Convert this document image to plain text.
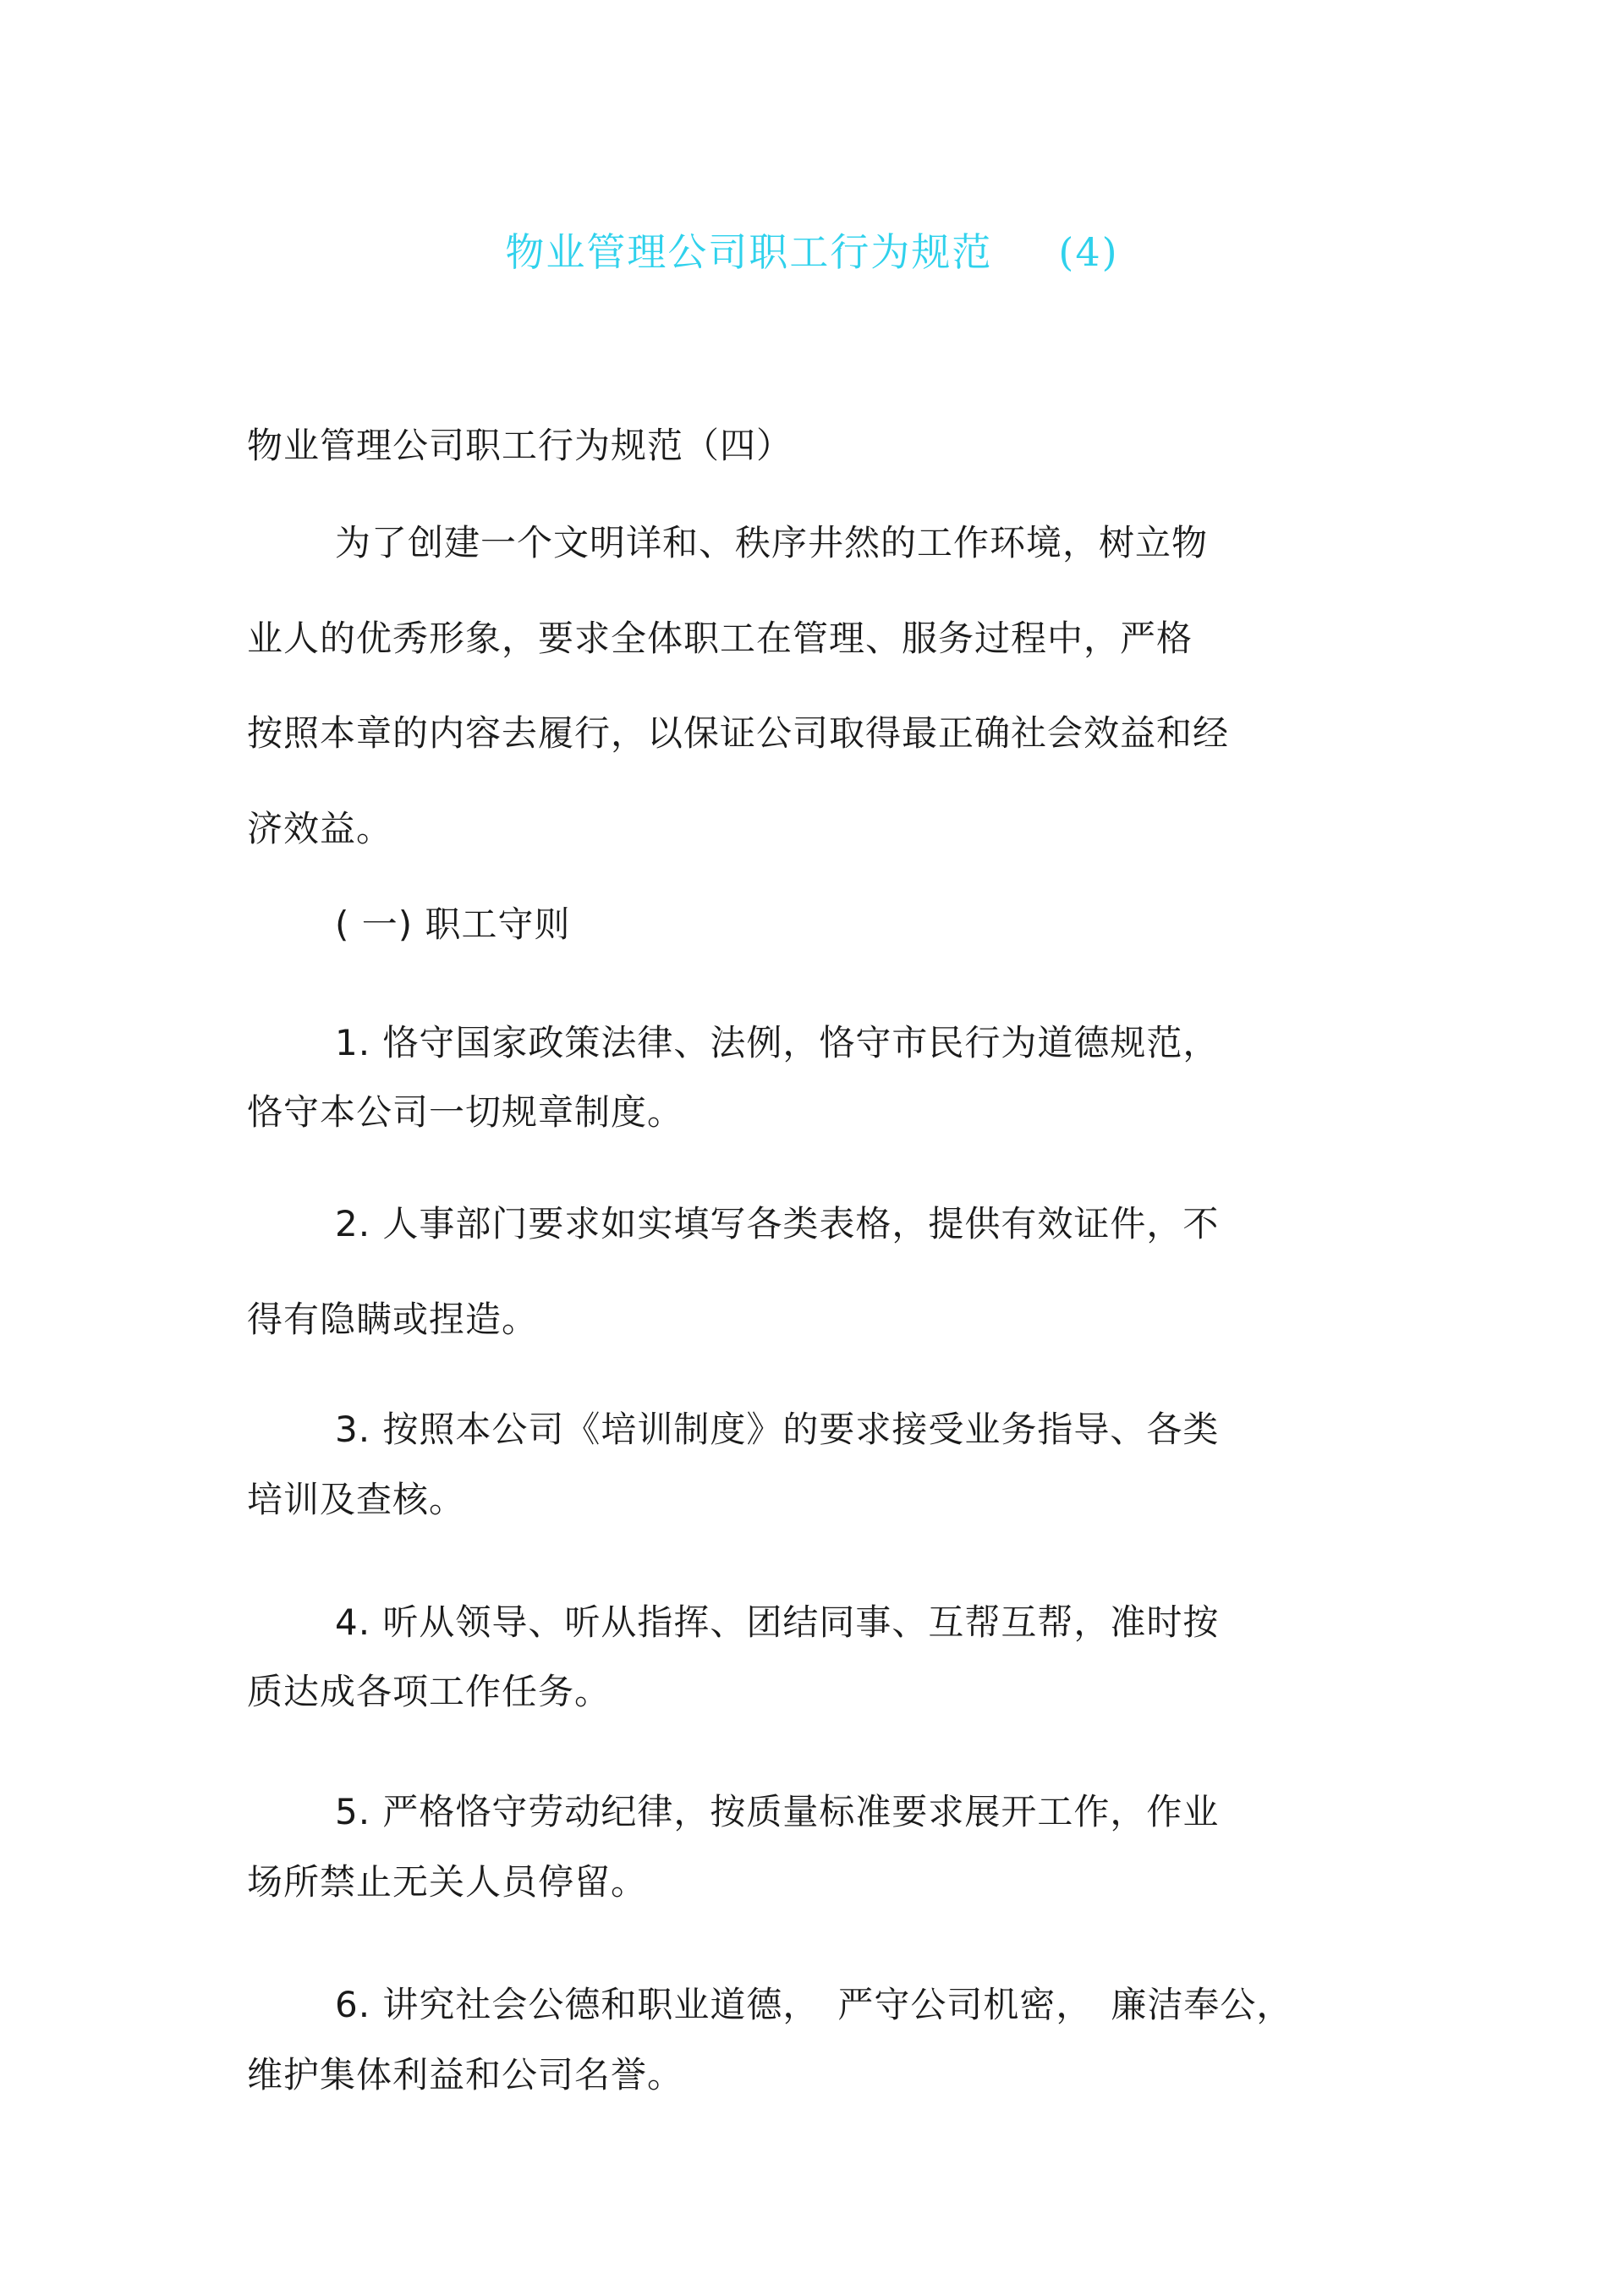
物业管理公司职工行为规范 (4)
物业管理公司职工行为规范（四）
为了创建一个文明详和、秩序井然的工作环境，树立物
业人的优秀形象，要求全体职工在管理、服务过程中，严格
按照本章的内容去履行，以保证公司取得最正确社会效益和经
济效益。
( 一) 职工守则
1. 恪守国家政策法律、法例，恪守市民行为道德规范，
恪守本公司一切规章制度。
2. 人事部门要求如实填写各类表格，提供有效证件，不
得有隐瞒或捏造。
3. 按照本公司《培训制度》的要求接受业务指导、各类
培训及查核。
4. 听从领导、听从指挥、团结同事、互帮互帮，准时按
质达成各项工作任务。
5. 严格恪守劳动纪律，按质量标准要求展开工作，作业
场所禁止无关人员停留。
6. 讲究社会公德和职业道德，　严守公司机密，　廉洁奉公，
维护集体利益和公司名誉。
